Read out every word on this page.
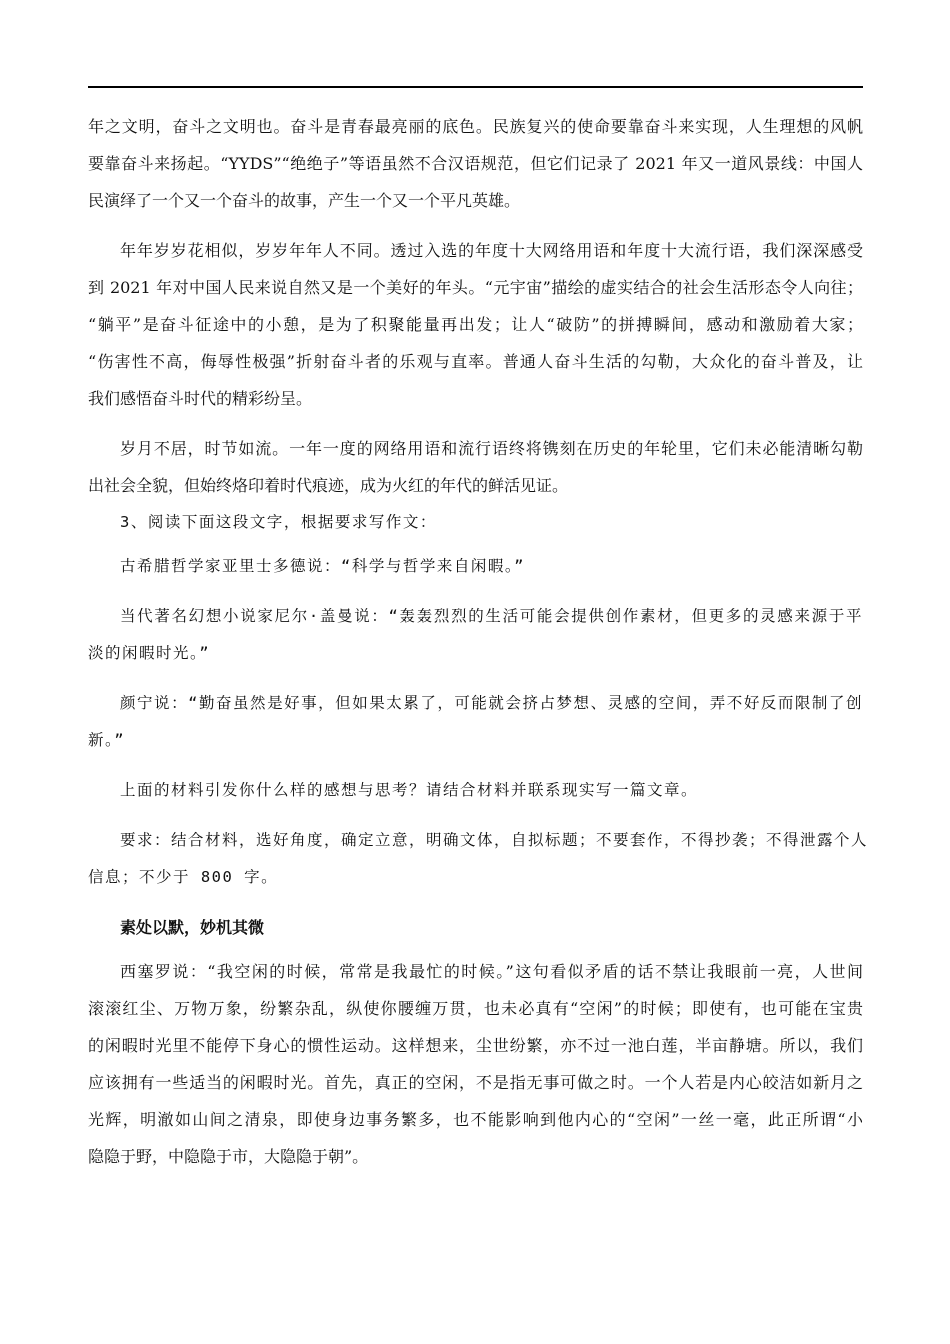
年之文明，奋斗之文明也。奋斗是青春最亮丽的底色。民族复兴的使命要靠奋斗来实现，人生理想的风帆
要靠奋斗来扬起。“YYDS”“绝绝子”等语虽然不合汉语规范，但它们记录了 2021 年又一道风景线：中国人
民演绎了一个又一个奋斗的故事，产生一个又一个平凡英雄。
年年岁岁花相似，岁岁年年人不同。透过入选的年度十大网络用语和年度十大流行语，我们深深感受
到 2021 年对中国人民来说自然又是一个美好的年头。“元宇宙”描绘的虚实结合的社会生活形态令人向往；
“躺平”是奋斗征途中的小憩，是为了积聚能量再出发；让人“破防”的拼搏瞬间，感动和激励着大家；
“伤害性不高，侮辱性极强”折射奋斗者的乐观与直率。普通人奋斗生活的勾勒，大众化的奋斗普及，让
我们感悟奋斗时代的精彩纷呈。
岁月不居，时节如流。一年一度的网络用语和流行语终将镌刻在历史的年轮里，它们未必能清晰勾勒
出社会全貌，但始终烙印着时代痕迹，成为火红的年代的鲜活见证。
3、阅读下面这段文字，根据要求写作文：
古希腊哲学家亚里士多德说：“科学与哲学来自闲暇。”
当代著名幻想小说家尼尔·盖曼说：“轰轰烈烈的生活可能会提供创作素材，但更多的灵感来源于平
淡的闲暇时光。”
颜宁说：“勤奋虽然是好事，但如果太累了，可能就会挤占梦想、灵感的空间，弄不好反而限制了创
新。”
上面的材料引发你什么样的感想与思考？请结合材料并联系现实写一篇文章。
要求：结合材料，选好角度，确定立意，明确文体，自拟标题；不要套作，不得抄袭；不得泄露个人
信息；不少于 800 字。
素处以默，妙机其微
西塞罗说：“我空闲的时候，常常是我最忙的时候。”这句看似矛盾的话不禁让我眼前一亮，人世间
滚滚红尘、万物万象，纷繁杂乱，纵使你腰缠万贯，也未必真有“空闲”的时候；即使有，也可能在宝贵
的闲暇时光里不能停下身心的惯性运动。这样想来，尘世纷繁，亦不过一池白莲，半亩静塘。所以，我们
应该拥有一些适当的闲暇时光。首先，真正的空闲，不是指无事可做之时。一个人若是内心皎洁如新月之
光辉，明澈如山间之清泉，即使身边事务繁多，也不能影响到他内心的“空闲”一丝一毫，此正所谓“小
隐隐于野，中隐隐于市，大隐隐于朝”。
